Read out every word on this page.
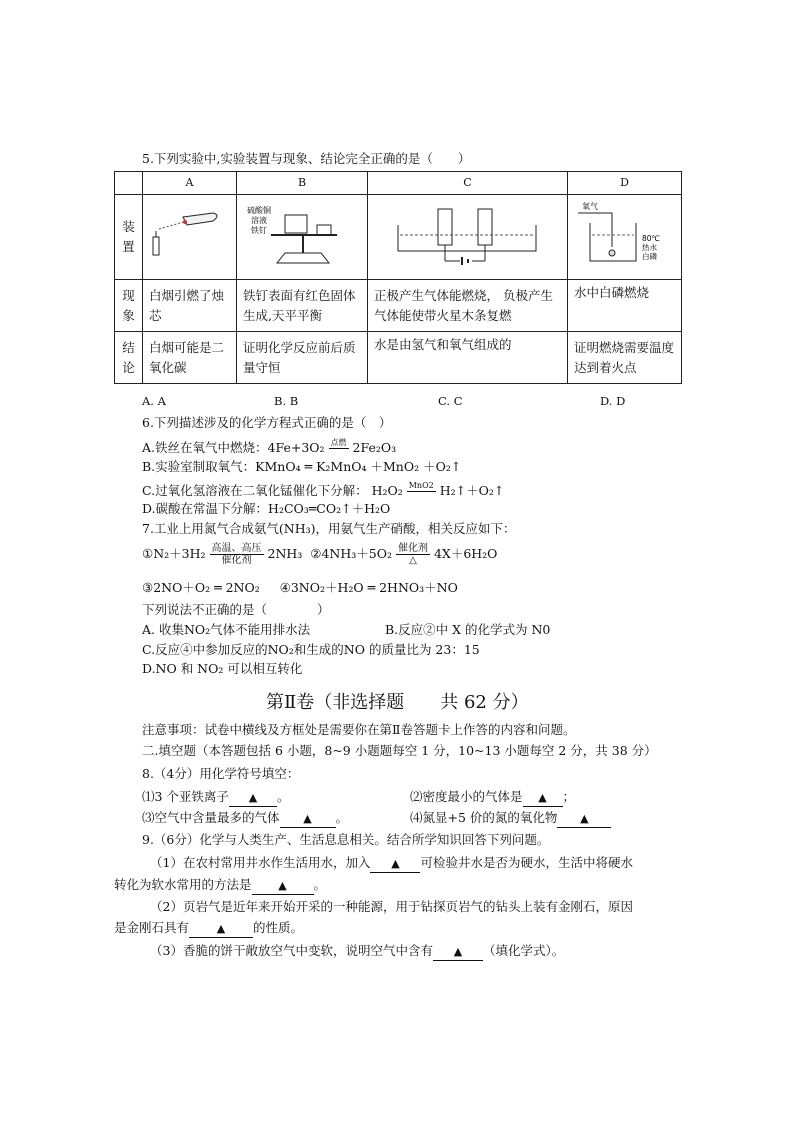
5.下列实验中,实验装置与现象、结论完全正确的是（　　）
	A	B	C	D
装置		硫酸铜
溶液
铁钉		氧气
80℃
热水
白磷

现象	白烟引燃了烛芯	铁钉表面有红色固体生成,天平平衡	正极产生气体能燃烧， 负极产生气体能使带火星木条复燃	水中白磷燃烧
结论	白烟可能是二氧化碳	证明化学反应前后质量守恒	水是由氢气和氧气组成的	证明燃烧需要温度达到着火点
A. A	B. B	C. C	D. D
6.下列描述涉及的化学方程式正确的是（　）
A.铁丝在氧气中燃烧：4Fe+3O₂ 点燃
2Fe₂O₃
B.实验室制取氧气：KMnO₄ ═ K₂MnO₄ ＋MnO₂ ＋O₂↑
C.过氧化氢溶液在二氧化锰催化下分解： H₂O₂ MnO2
H₂↑＋O₂↑
D.碳酸在常温下分解：H₂CO₃═CO₂↑＋H₂O
7.工业上用氮气合成氨气(NH₃)，用氨气生产硝酸，相关反应如下：
①N₂＋3H₂ $\frac{\text{高温、高压}}{\text{催化剂}} 2NH_3$ ②4NH₃＋5O₂ $\frac{\text{催化剂}}{\triangle} 4X+6H_2O$
③2NO＋O₂ ═ 2NO₂ ④3NO₂＋H₂O ═ 2HNO₃＋NO
下列说法不正确的是（　　　　）
A. 收集NO₂气体不能用排水法	B.反应②中 X 的化学式为 N0
C.反应④中参加反应的NO₂和生成的NO 的质量比为 23：15
D.NO 和 NO₂ 可以相互转化
第Ⅱ卷（非选择题　　共 62 分）
注意事项：试卷中横线及方框处是需要你在第Ⅱ卷答题卡上作答的内容和问题。
二.填空题（本答题包括 6 小题，8~9 小题题每空 1 分，10~13 小题每空 2 分，共 38 分）
8.（4分）用化学符号填空：
⑴3 个亚铁离子 ▲ 。	⑵密度最小的气体是 ▲ ；
⑶空气中含量最多的气体 ▲ 。	⑷氮显+5 价的氮的氧化物 ▲
9.（6分）化学与人类生产、生活息息相关。结合所学知识回答下列问题。
（1）在农村常用井水作生活用水，加入 ▲ 可检验井水是否为硬水，生活中将硬水
转化为软水常用的方法是 ▲ 。
（2）页岩气是近年来开始开采的一种能源，用于钻探页岩气的钻头上装有金刚石，原因
是金刚石具有	▲ 的性质。
（3）香脆的饼干敞放空气中变软，说明空气中含有 ▲ （填化学式）。
